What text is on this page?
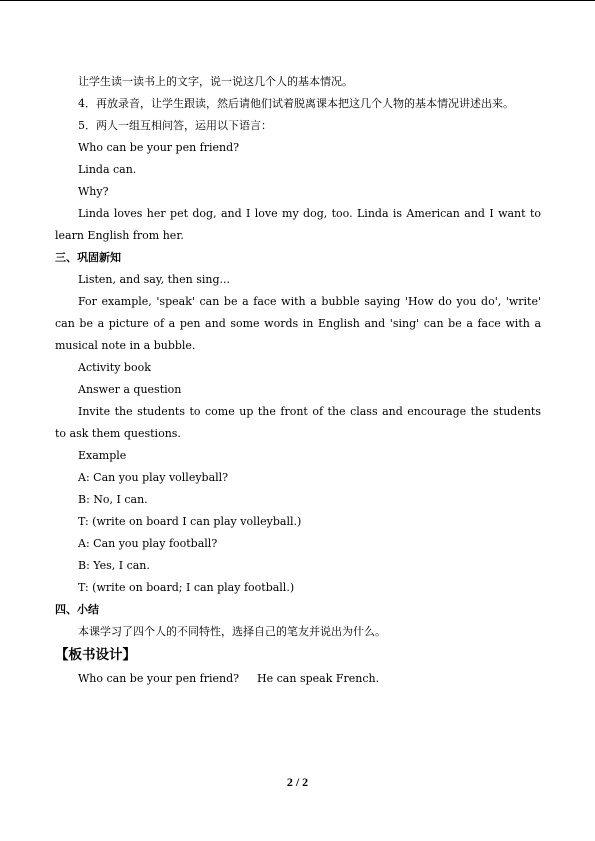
让学生读一读书上的文字，说一说这几个人的基本情况。

4．再放录音，让学生跟读，然后请他们试着脱离课本把这几个人物的基本情况讲述出来。

5．两人一组互相问答，运用以下语言：

Who can be your pen friend?

Linda can.

Why?

Linda loves her pet dog, and I love my dog, too. Linda is American and I want to learn English from her.

三、巩固新知

Listen, and say, then sing...

For example, 'speak' can be a face with a bubble saying 'How do you do', 'write' can be a picture of a pen and some words in English and 'sing' can be a face with a musical note in a bubble.

Activity book

Answer a question

Invite the students to come up the front of the class and encourage the students to ask them questions.

Example

A: Can you play volleyball?

B: No, I can.

T: (write on board I can play volleyball.)

A: Can you play football?

B: Yes, I can.

T: (write on board; I can play football.)

四、小结

本课学习了四个人的不同特性，选择自己的笔友并说出为什么。

【板书设计】

Who can be your pen friend? He can speak French.

2 / 2
